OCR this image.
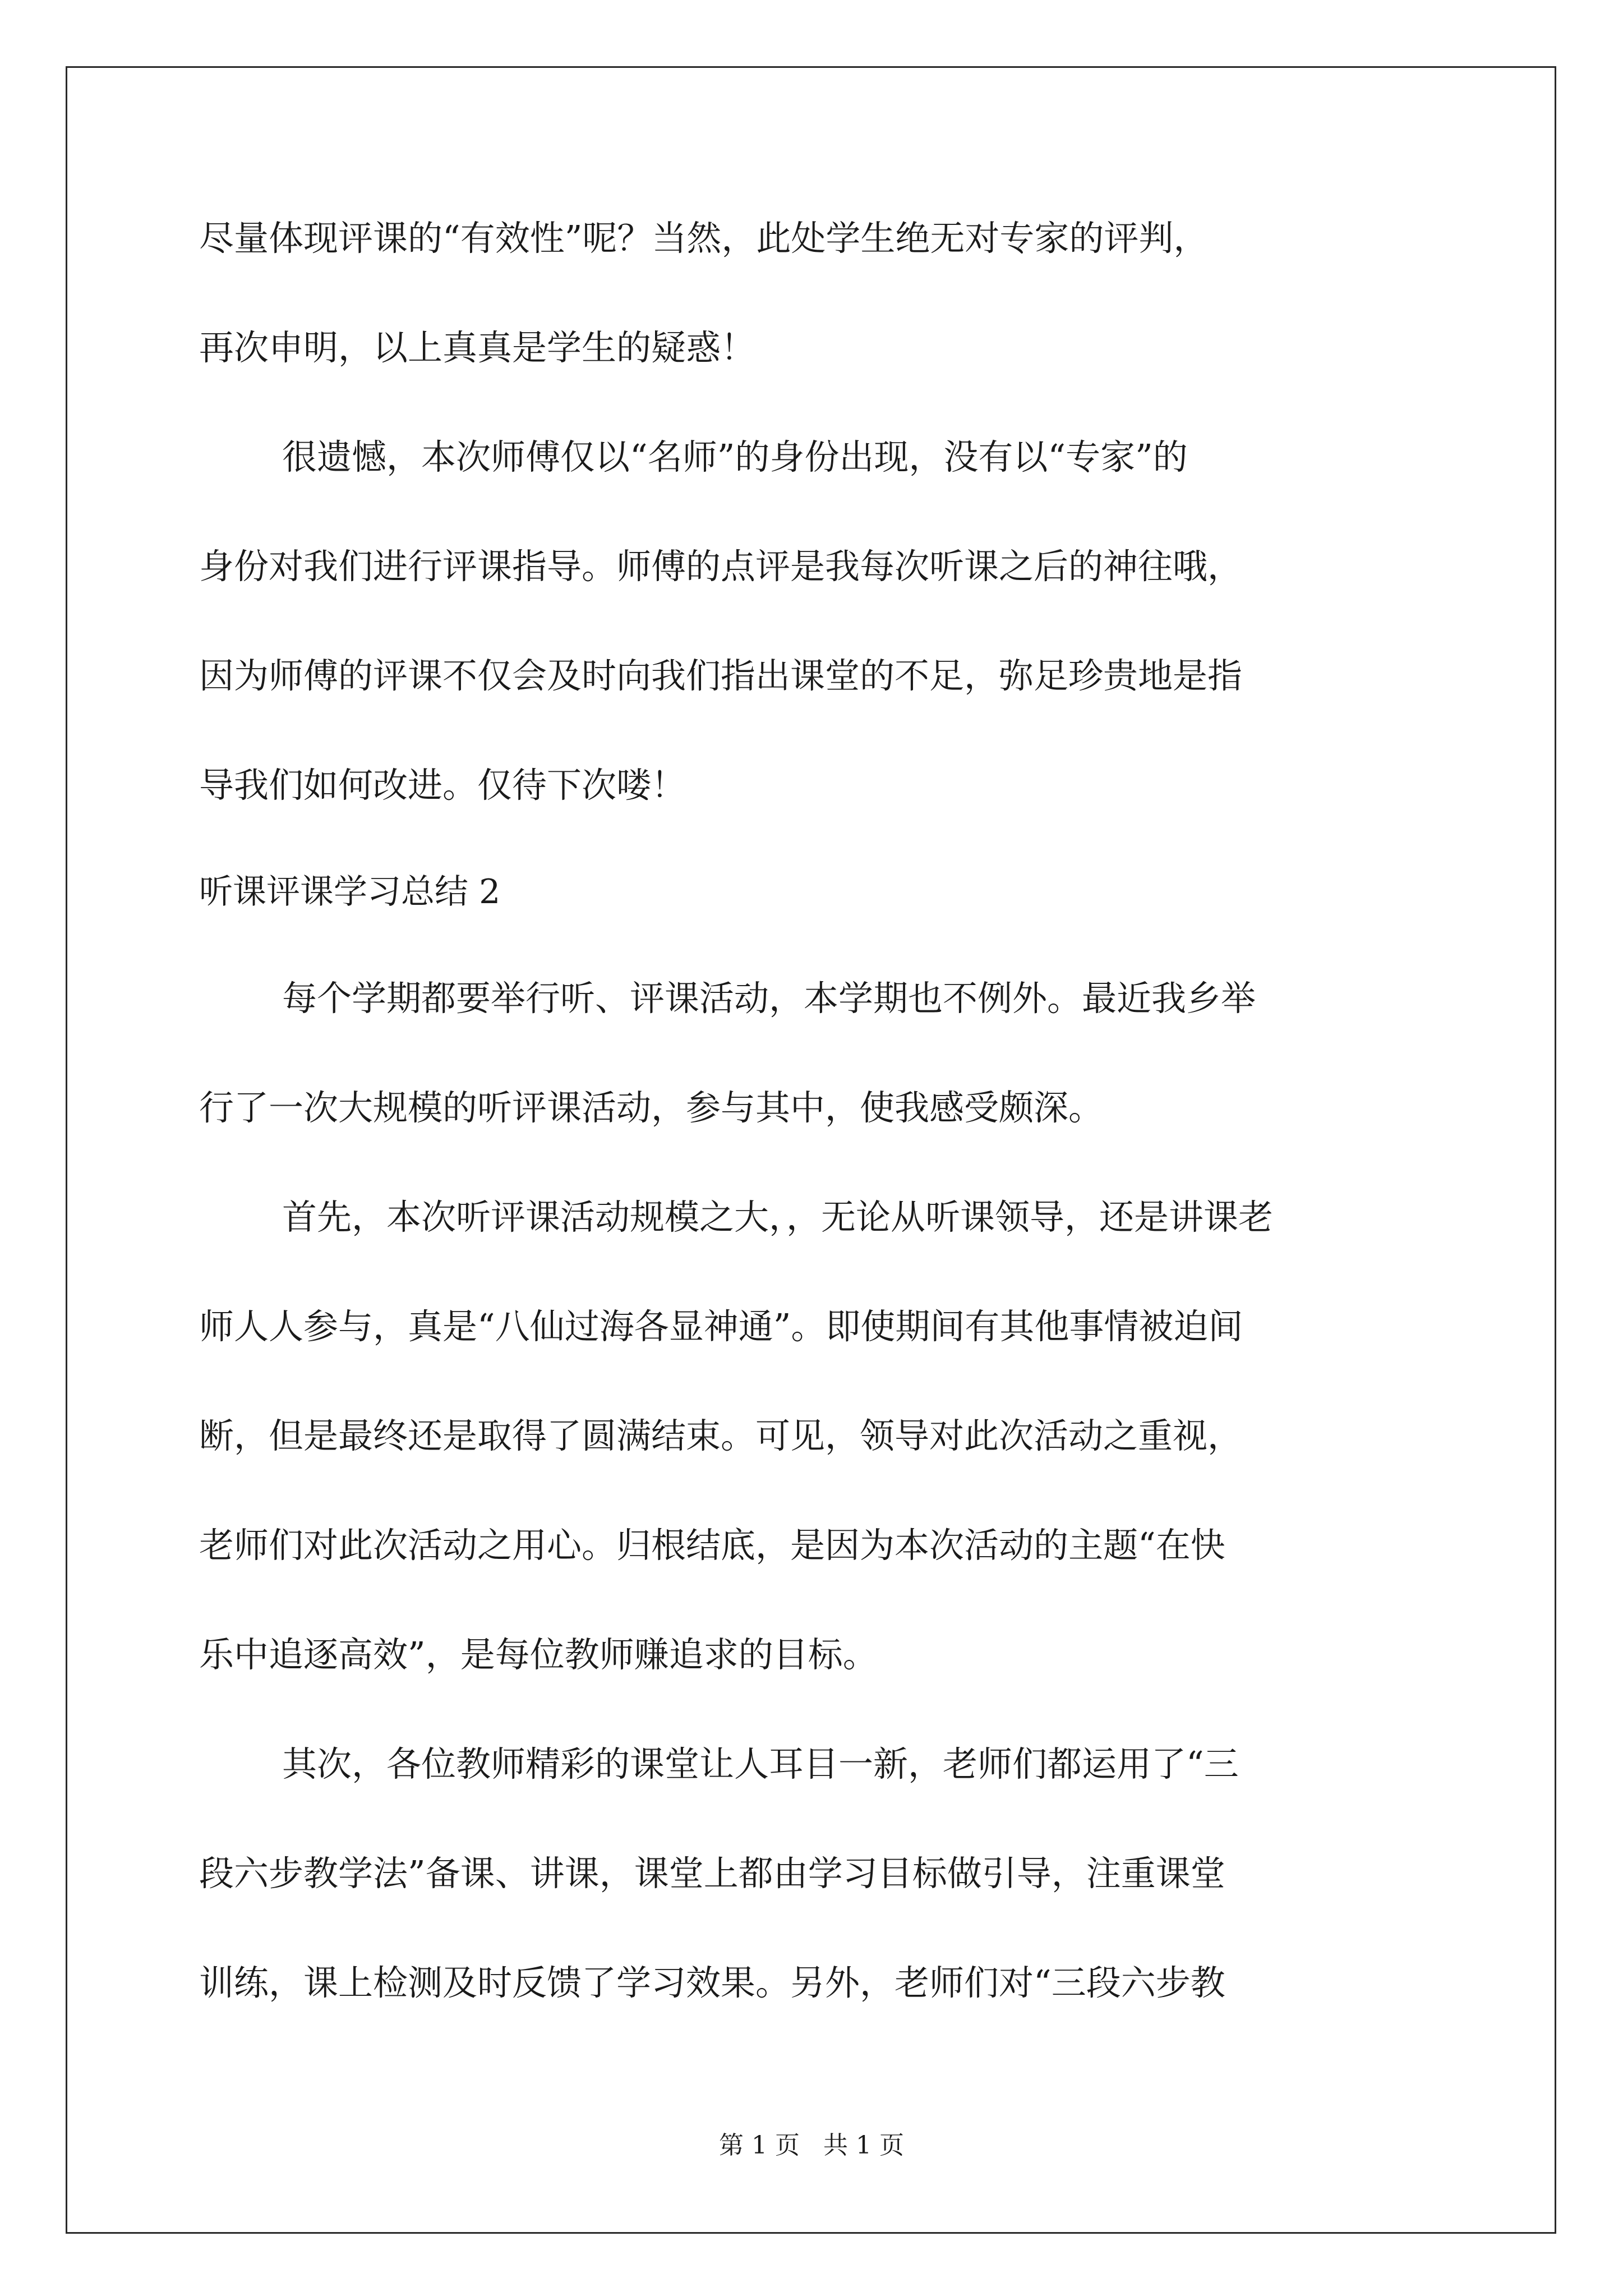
尽量体现评课的“有效性”呢？当然，此处学生绝无对专家的评判，

再次申明，以上真真是学生的疑惑！

很遗憾，本次师傅仅以“名师”的身份出现，没有以“专家”的

身份对我们进行评课指导。师傅的点评是我每次听课之后的神往哦，

因为师傅的评课不仅会及时向我们指出课堂的不足，弥足珍贵地是指

导我们如何改进。仅待下次喽！

听课评课学习总结 2

每个学期都要举行听、评课活动，本学期也不例外。最近我乡举

行了一次大规模的听评课活动，参与其中，使我感受颇深。

首先，本次听评课活动规模之大，，无论从听课领导，还是讲课老

师人人参与，真是“八仙过海各显神通”。即使期间有其他事情被迫间

断，但是最终还是取得了圆满结束。可见，领导对此次活动之重视，

老师们对此次活动之用心。归根结底，是因为本次活动的主题“在快

乐中追逐高效”，是每位教师赚追求的目标。

其次，各位教师精彩的课堂让人耳目一新，老师们都运用了“三

段六步教学法”备课、讲课，课堂上都由学习目标做引导，注重课堂

训练，课上检测及时反馈了学习效果。另外，老师们对“三段六步教

第 1 页   共 1 页
